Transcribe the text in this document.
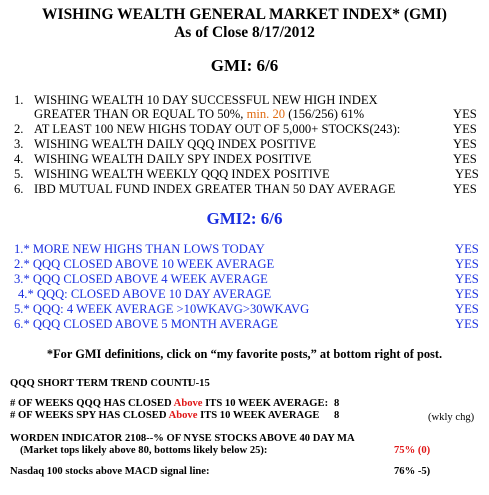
WISHING WEALTH GENERAL MARKET INDEX* (GMI)
As of Close 8/17/2012
GMI: 6/6
1. WISHING WEALTH 10 DAY SUCCESSFUL NEW HIGH INDEX
GREATER THAN OR EQUAL TO 50%, min. 20 (156/256) 61%	YES
2. AT LEAST 100 NEW HIGHS TODAY OUT OF 5,000+ STOCKS(243):	YES
3. WISHING WEALTH DAILY QQQ INDEX POSITIVE	YES
4. WISHING WEALTH DAILY SPY INDEX POSITIVE	YES
5. WISHING WEALTH WEEKLY QQQ INDEX POSITIVE	YES
6. IBD MUTUAL FUND INDEX GREATER THAN 50 DAY AVERAGE	YES
GMI2: 6/6
1.* MORE NEW HIGHS THAN LOWS TODAY	YES
2.* QQQ CLOSED ABOVE 10 WEEK AVERAGE	YES
3.* QQQ CLOSED ABOVE 4 WEEK AVERAGE	YES
4.* QQQ: CLOSED ABOVE 10 DAY AVERAGE	YES
5.* QQQ: 4 WEEK AVERAGE >10WKAVG>30WKAVG	YES
6.* QQQ CLOSED ABOVE 5 MONTH AVERAGE	YES
*For GMI definitions, click on “my favorite posts,” at bottom right of post.
QQQ SHORT TERM TREND COUNT:
U-15
# OF WEEKS QQQ HAS CLOSED Above ITS 10 WEEK AVERAGE: 8
# OF WEEKS SPY HAS CLOSED Above ITS 10 WEEK AVERAGE 8	(wkly chg)
WORDEN INDICATOR 2108--% OF NYSE STOCKS ABOVE 40 DAY MA
(Market tops likely above 80, bottoms likely below 25):	75% (0)
Nasdaq 100 stocks above MACD signal line:	76% -5)
